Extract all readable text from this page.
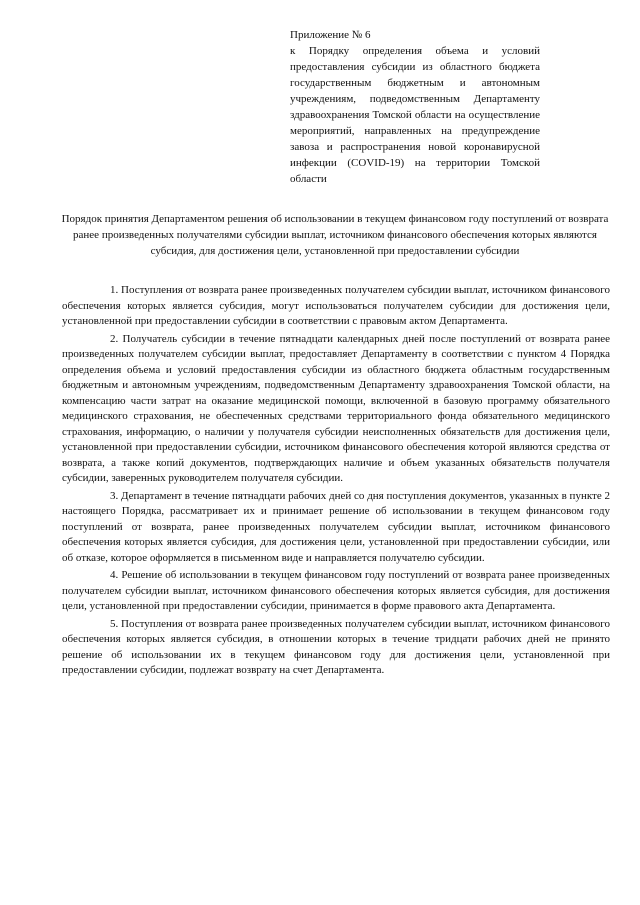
Приложение № 6
к Порядку определения объема и условий предоставления субсидии из областного бюджета государственным бюджетным и автономным учреждениям, подведомственным Департаменту здравоохранения Томской области на осуществление мероприятий, направленных на предупреждение завоза и распространения новой коронавирусной инфекции (COVID-19) на территории Томской области
Порядок принятия Департаментом решения об использовании в текущем финансовом году поступлений от возврата ранее произведенных получателями субсидии выплат, источником финансового обеспечения которых являются субсидия, для достижения цели, установленной при предоставлении субсидии

1. Поступления от возврата ранее произведенных получателем субсидии выплат, источником финансового обеспечения которых является субсидия, могут использоваться получателем субсидии для достижения цели, установленной при предоставлении субсидии в соответствии с правовым актом Департамента.

2. Получатель субсидии в течение пятнадцати календарных дней после поступлений от возврата ранее произведенных получателем субсидии выплат, предоставляет Департаменту в соответствии с пунктом 4 Порядка определения объема и условий предоставления субсидии из областного бюджета областным государственным бюджетным и автономным учреждениям, подведомственным Департаменту здравоохранения Томской области, на компенсацию части затрат на оказание медицинской помощи, включенной в базовую программу обязательного медицинского страхования, не обеспеченных средствами территориального фонда обязательного медицинского страхования, информацию, о наличии у получателя субсидии неисполненных обязательств для достижения цели, установленной при предоставлении субсидии, источником финансового обеспечения которой являются средства от возврата, а также копий документов, подтверждающих наличие и объем указанных обязательств получателя субсидии, заверенных руководителем получателя субсидии.

3. Департамент в течение пятнадцати рабочих дней со дня поступления документов, указанных в пункте 2 настоящего Порядка, рассматривает их и принимает решение об использовании в текущем финансовом году поступлений от возврата, ранее произведенных получателем субсидии выплат, источником финансового обеспечения которых является субсидия, для достижения цели, установленной при предоставлении субсидии, или об отказе, которое оформляется в письменном виде и направляется получателю субсидии.

4. Решение об использовании в текущем финансовом году поступлений от возврата ранее произведенных получателем субсидии выплат, источником финансового обеспечения которых является субсидия, для достижения цели, установленной при предоставлении субсидии, принимается в форме правового акта Департамента.

5. Поступления от возврата ранее произведенных получателем субсидии выплат, источником финансового обеспечения которых является субсидия, в отношении которых в течение тридцати рабочих дней не принято решение об использовании их в текущем финансовом году для достижения цели, установленной при предоставлении субсидии, подлежат возврату на счет Департамента.
